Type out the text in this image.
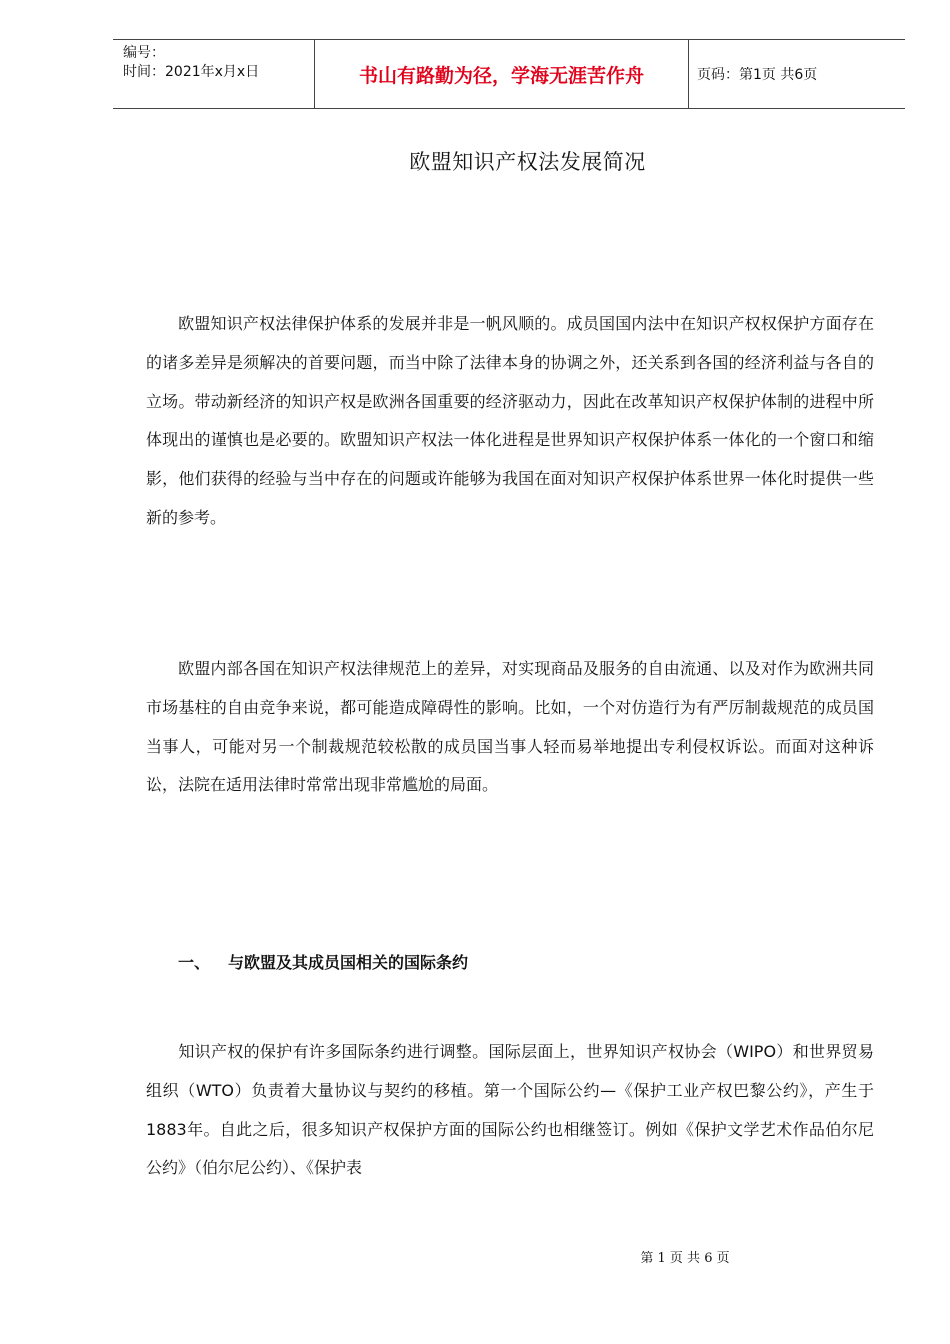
编号：
时间：2021年x月x日	书山有路勤为径，学海无涯苦作舟	页码：第1页 共6页
欧盟知识产权法发展简况

欧盟知识产权法律保护体系的发展并非是一帆风顺的。成员国国内法中在知识产权权保护方面存在的诸多差异是须解决的首要问题，而当中除了法律本身的协调之外，还关系到各国的经济利益与各自的立场。带动新经济的知识产权是欧洲各国重要的经济驱动力，因此在改革知识产权保护体制的进程中所体现出的谨慎也是必要的。欧盟知识产权法一体化进程是世界知识产权保护体系一体化的一个窗口和缩影，他们获得的经验与当中存在的问题或许能够为我国在面对知识产权保护体系世界一体化时提供一些新的参考。

欧盟内部各国在知识产权法律规范上的差异，对实现商品及服务的自由流通、以及对作为欧洲共同市场基柱的自由竞争来说，都可能造成障碍性的影响。比如，一个对仿造行为有严厉制裁规范的成员国当事人，可能对另一个制裁规范较松散的成员国当事人轻而易举地提出专利侵权诉讼。而面对这种诉讼，法院在适用法律时常常出现非常尴尬的局面。

一、 与欧盟及其成员国相关的国际条约

知识产权的保护有许多国际条约进行调整。国际层面上，世界知识产权协会（WIPO）和世界贸易组织（WTO）负责着大量协议与契约的移植。第一个国际公约—《保护工业产权巴黎公约》，产生于1883年。自此之后，很多知识产权保护方面的国际公约也相继签订。例如《保护文学艺术作品伯尔尼公约》（伯尔尼公约）、《保护表

第 1 页 共 6 页
